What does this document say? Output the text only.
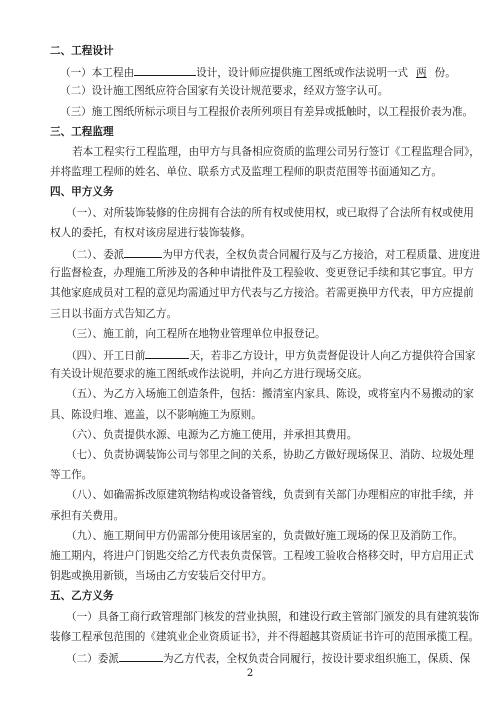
二、工程设计
（一）本工程由	设计，设计师应提供施工图纸或作法说明一式 两 份。
（二）设计施工图纸应符合国家有关设计规范要求，经双方签字认可。
（三）施工图纸所标示项目与工程报价表所列项目有差异或抵触时，以工程报价表为准。
三、工程监理
若本工程实行工程监理，由甲方与具备相应资质的监理公司另行签订《工程监理合同》，
并将监理工程师的姓名、单位、联系方式及监理工程师的职责范围等书面通知乙方。
四、甲方义务
（一）、对所装饰装修的住房拥有合法的所有权或使用权，或已取得了合法所有权或使用
权人的委托，有权对该房屋进行装饰装修。
（二）、委派	为甲方代表，全权负责合同履行及与乙方接洽，对工程质量、进度进
行监督检查，办理施工所涉及的各种申请批件及工程验收、变更登记手续和其它事宜。甲方
其他家庭成员对工程的意见均需通过甲方代表与乙方接洽。若需更换甲方代表，甲方应提前
三日以书面方式告知乙方。
（三）、施工前，向工程所在地物业管理单位申报登记。
（四）、开工日前	天，若非乙方设计，甲方负责督促设计人向乙方提供符合国家
有关设计规范要求的施工图纸或作法说明，并向乙方进行现场交底。
（五）、为乙方入场施工创造条件，包括：搬清室内家具、陈设，或将室内不易搬动的家
具、陈设归堆、遮盖，以不影响施工为原则。
（六）、负责提供水源、电源为乙方施工使用，并承担其费用。
（七）、负责协调装饰公司与邻里之间的关系，协助乙方做好现场保卫、消防、垃圾处理
等工作。
（八）、如确需拆改原建筑物结构或设备管线，负责到有关部门办理相应的审批手续，并
承担有关费用。
（九）、施工期间甲方仍需部分使用该居室的，负责做好施工现场的保卫及消防工作。
施工期内，将进户门钥匙交给乙方代表负责保管。工程竣工验收合格移交时，甲方启用正式
钥匙或换用新锁，当场由乙方安装后交付甲方。
五、乙方义务
（一）具备工商行政管理部门核发的营业执照，和建设行政主管部门颁发的具有建筑装饰
装修工程承包范围的《建筑业企业资质证书》，并不得超越其资质证书许可的范围承揽工程。
（二）委派	为乙方代表，全权负责合同履行，按设计要求组织施工，保质、保
2
